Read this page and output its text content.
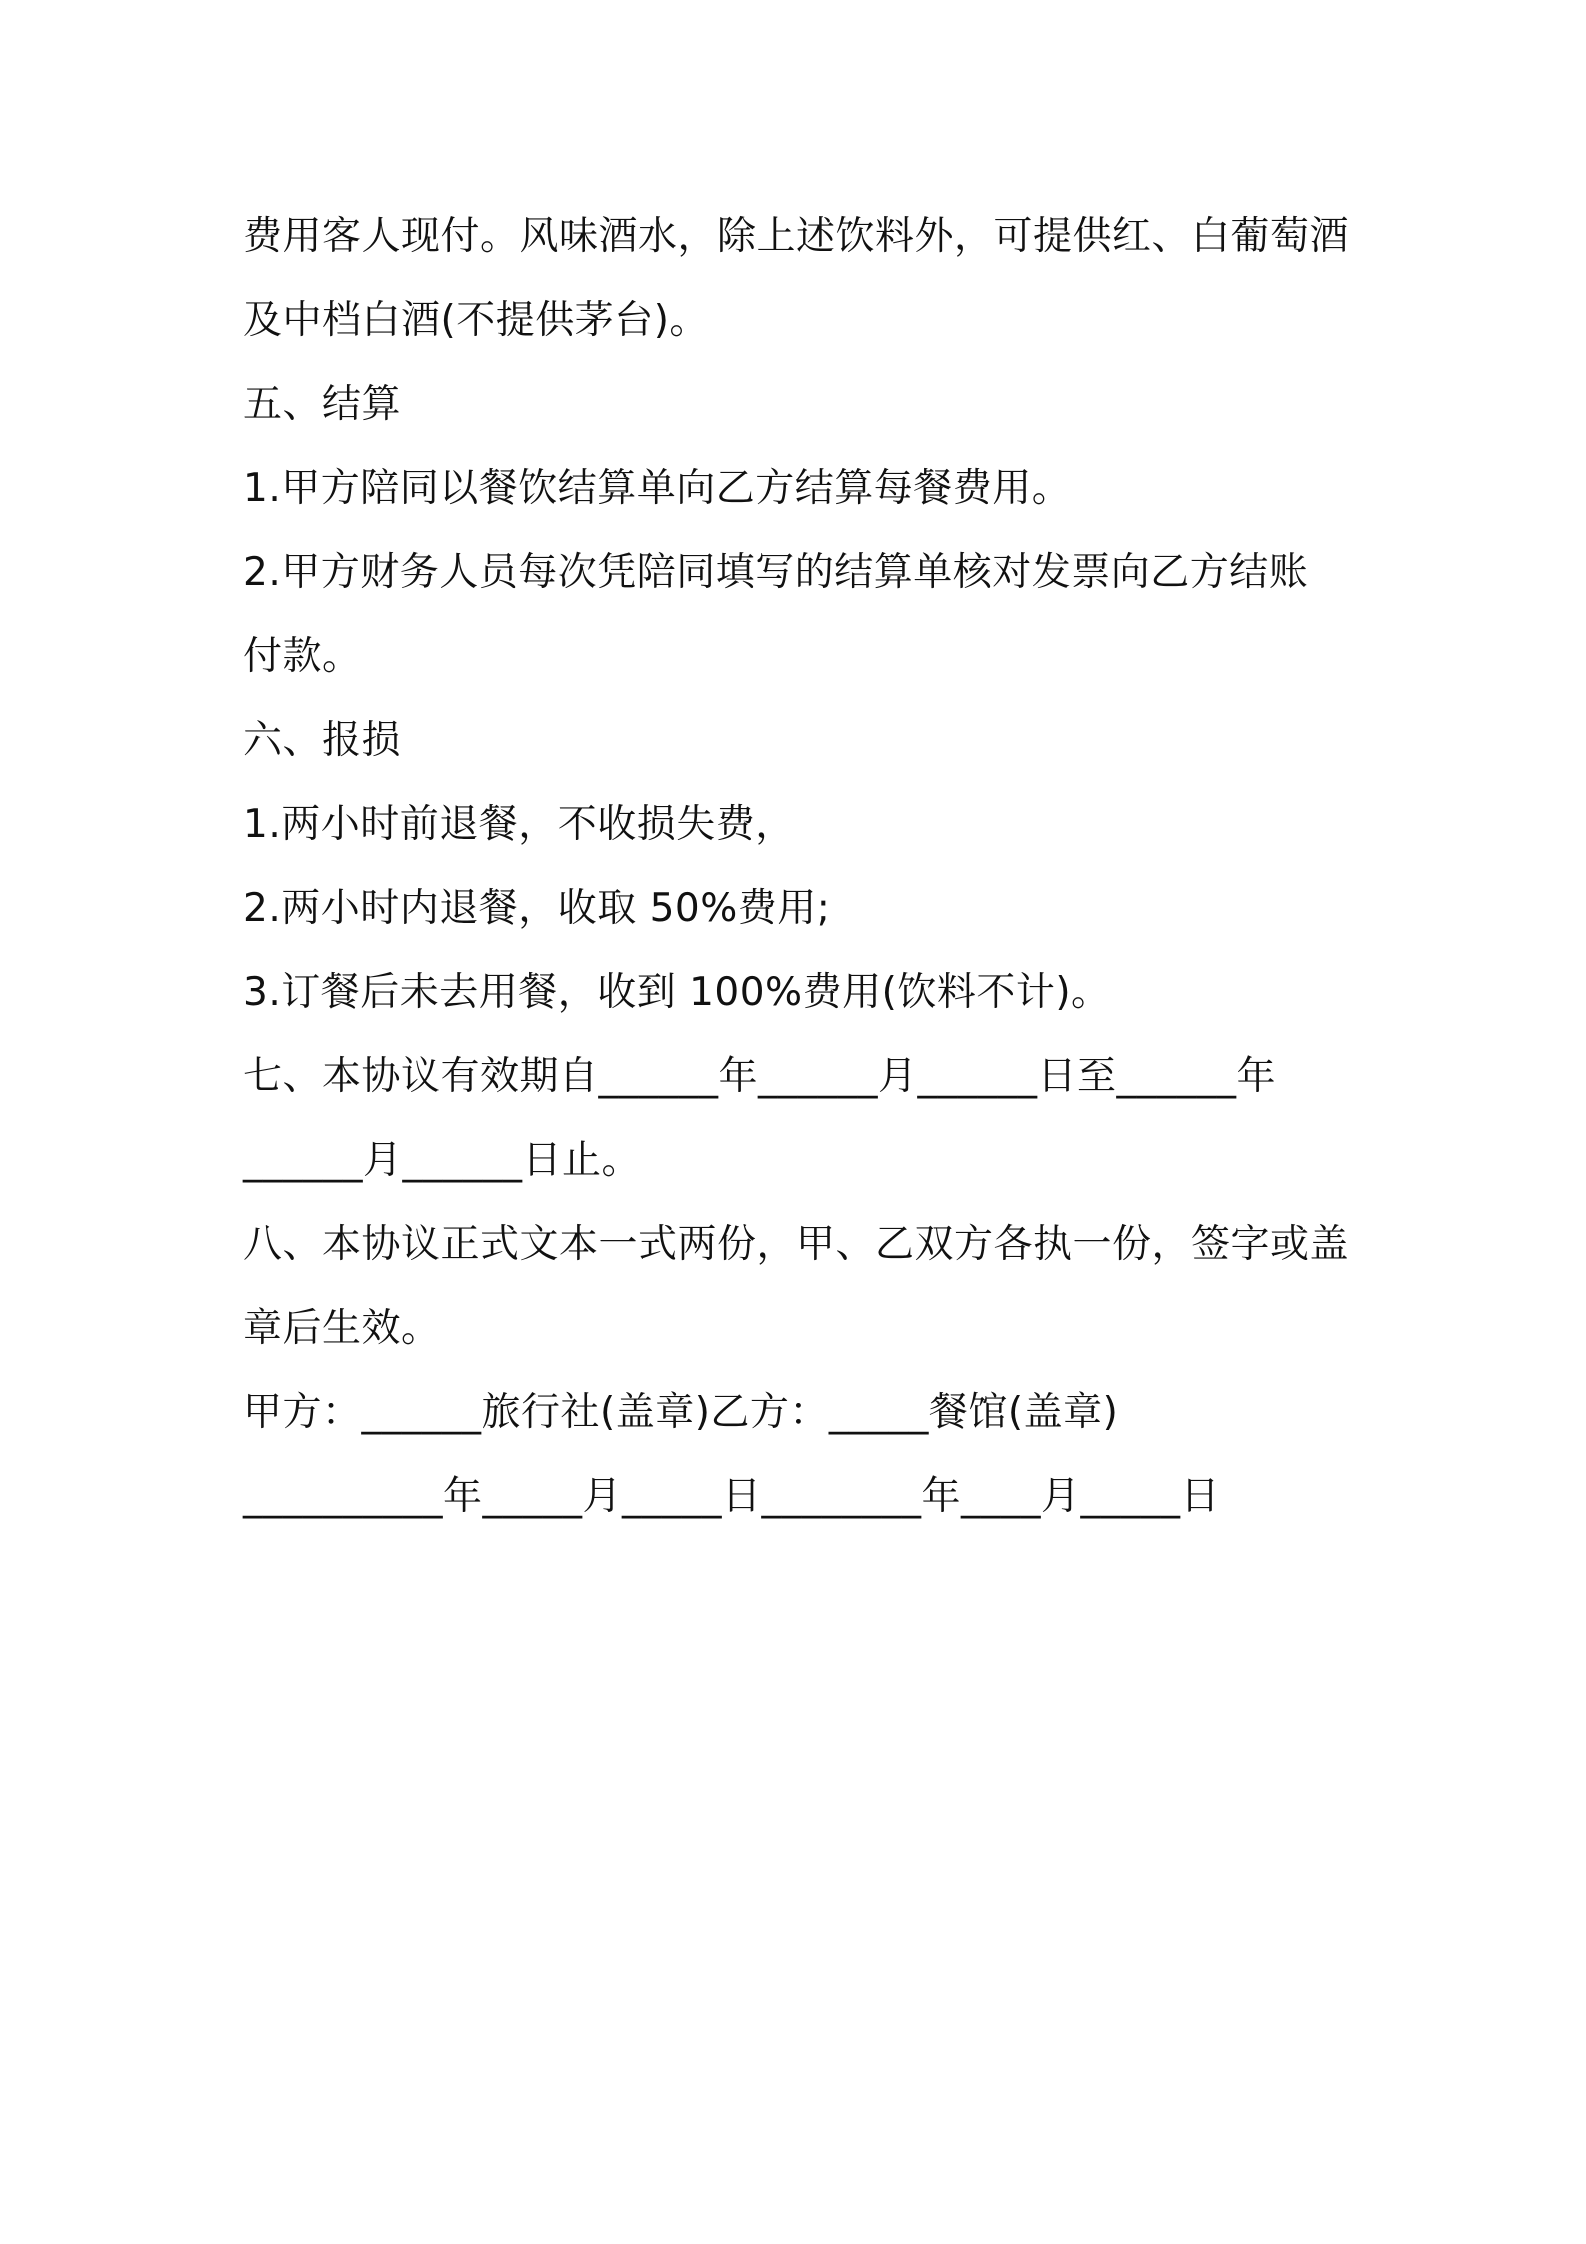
费用客人现付。风味酒水，除上述饮料外，可提供红、白葡萄酒
及中档白酒(不提供茅台)。
五、结算
1.甲方陪同以餐饮结算单向乙方结算每餐费用。
2.甲方财务人员每次凭陪同填写的结算单核对发票向乙方结账
付款。
六、报损
1.两小时前退餐，不收损失费，
2.两小时内退餐，收取 50%费用;
3.订餐后未去用餐，收到 100%费用(饮料不计)。
七、本协议有效期自______年______月______日至______年
______月______日止。
八、本协议正式文本一式两份，甲、乙双方各执一份，签字或盖
章后生效。
甲方：______旅行社(盖章)乙方：_____餐馆(盖章)
__________年_____月_____日________年____月_____日
